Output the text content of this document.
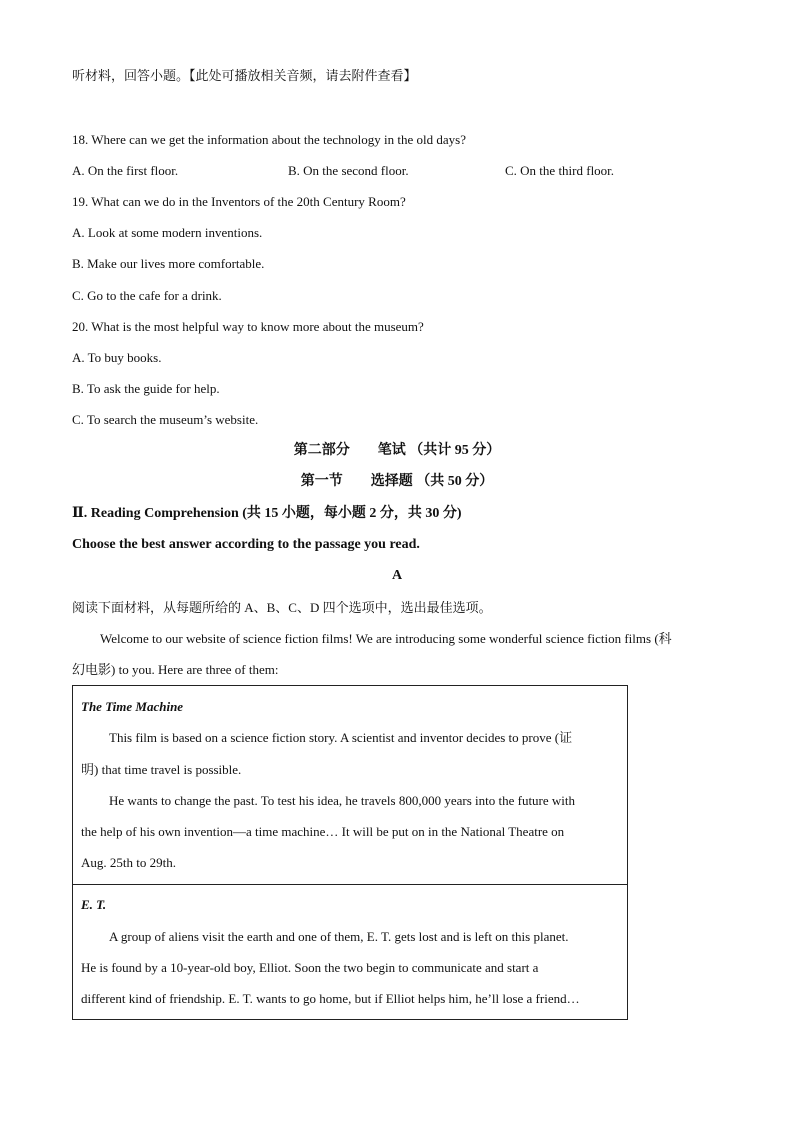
听材料，回答小题。【此处可播放相关音频，请去附件查看】
18. Where can we get the information about the technology in the old days?
A. On the first floor.	B. On the second floor.	C. On the third floor.
19. What can we do in the Inventors of the 20th Century Room?
A. Look at some modern inventions.
B. Make our lives more comfortable.
C. Go to the cafe for a drink.
20. What is the most helpful way to know more about the museum?
A. To buy books.
B. To ask the guide for help.
C. To search the museum’s website.
第二部分　　笔试 （共计 95 分）
第一节　　选择题 （共 50 分）
Ⅱ. Reading Comprehension (共 15 小题，每小题 2 分，共 30 分)
Choose the best answer according to the passage you read.
A
阅读下面材料，从每题所给的 A、B、C、D 四个选项中，选出最佳选项。
Welcome to our website of science fiction films! We are introducing some wonderful science fiction films (科
幻电影) to you. Here are three of them:
The Time Machine
This film is based on a science fiction story. A scientist and inventor decides to prove (证
明) that time travel is possible.
He wants to change the past. To test his idea, he travels 800,000 years into the future with
the help of his own invention—a time machine… It will be put on in the National Theatre on
Aug. 25th to 29th.
E. T.
A group of aliens visit the earth and one of them, E. T. gets lost and is left on this planet.
He is found by a 10-year-old boy, Elliot. Soon the two begin to communicate and start a
different kind of friendship. E. T. wants to go home, but if Elliot helps him, he’ll lose a friend…
